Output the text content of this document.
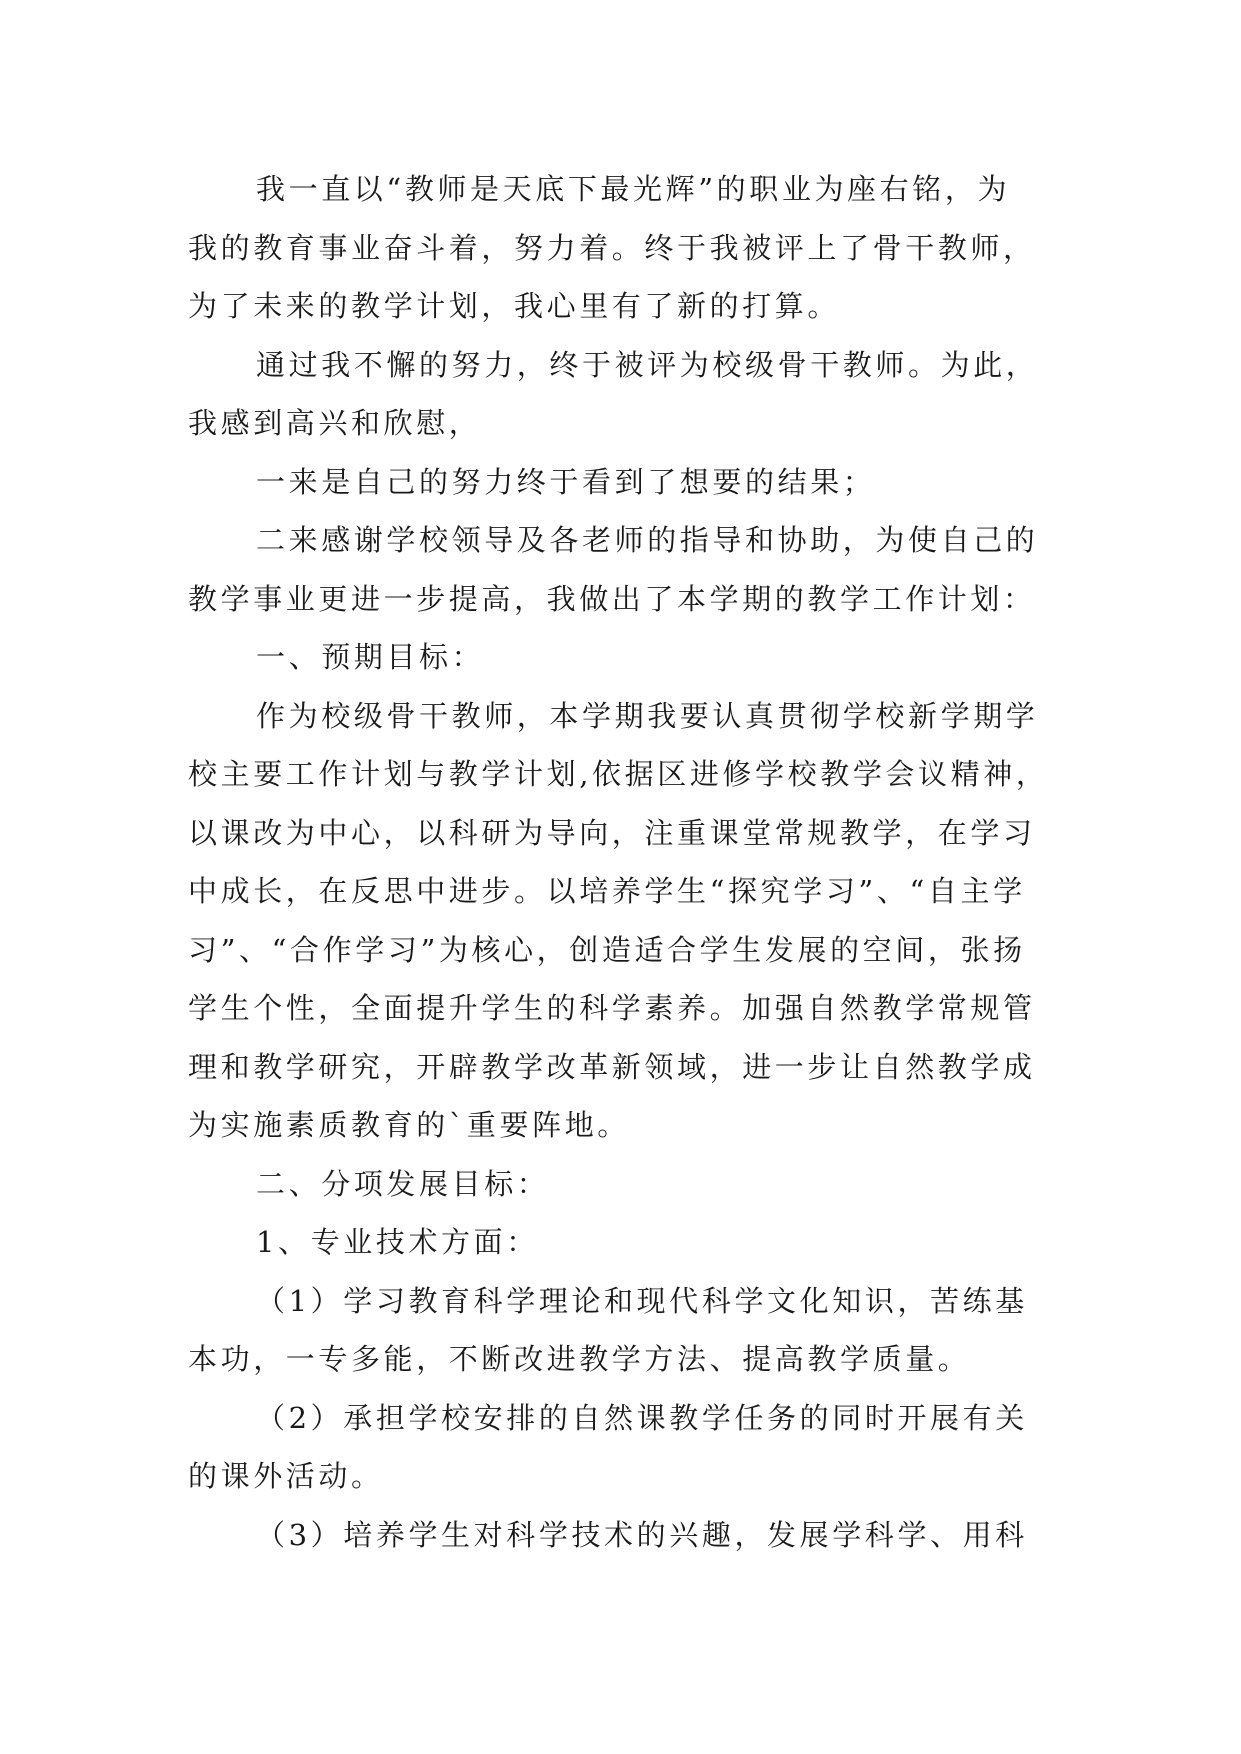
我一直以“教师是天底下最光辉”的职业为座右铭，为
我的教育事业奋斗着，努力着。终于我被评上了骨干教师，
为了未来的教学计划，我心里有了新的打算。
通过我不懈的努力，终于被评为校级骨干教师。为此，
我感到高兴和欣慰，
一来是自己的努力终于看到了想要的结果；
二来感谢学校领导及各老师的指导和协助，为使自己的
教学事业更进一步提高，我做出了本学期的教学工作计划：
一、预期目标：
作为校级骨干教师，本学期我要认真贯彻学校新学期学
校主要工作计划与教学计划,依据区进修学校教学会议精神，
以课改为中心，以科研为导向，注重课堂常规教学，在学习
中成长，在反思中进步。以培养学生“探究学习”、“自主学
习”、“合作学习”为核心，创造适合学生发展的空间，张扬
学生个性，全面提升学生的科学素养。加强自然教学常规管
理和教学研究，开辟教学改革新领域，进一步让自然教学成
为实施素质教育的`重要阵地。
二、分项发展目标：
1、专业技术方面：
（1）学习教育科学理论和现代科学文化知识，苦练基
本功，一专多能，不断改进教学方法、提高教学质量。
（2）承担学校安排的自然课教学任务的同时开展有关
的课外活动。
（3）培养学生对科学技术的兴趣，发展学科学、用科
